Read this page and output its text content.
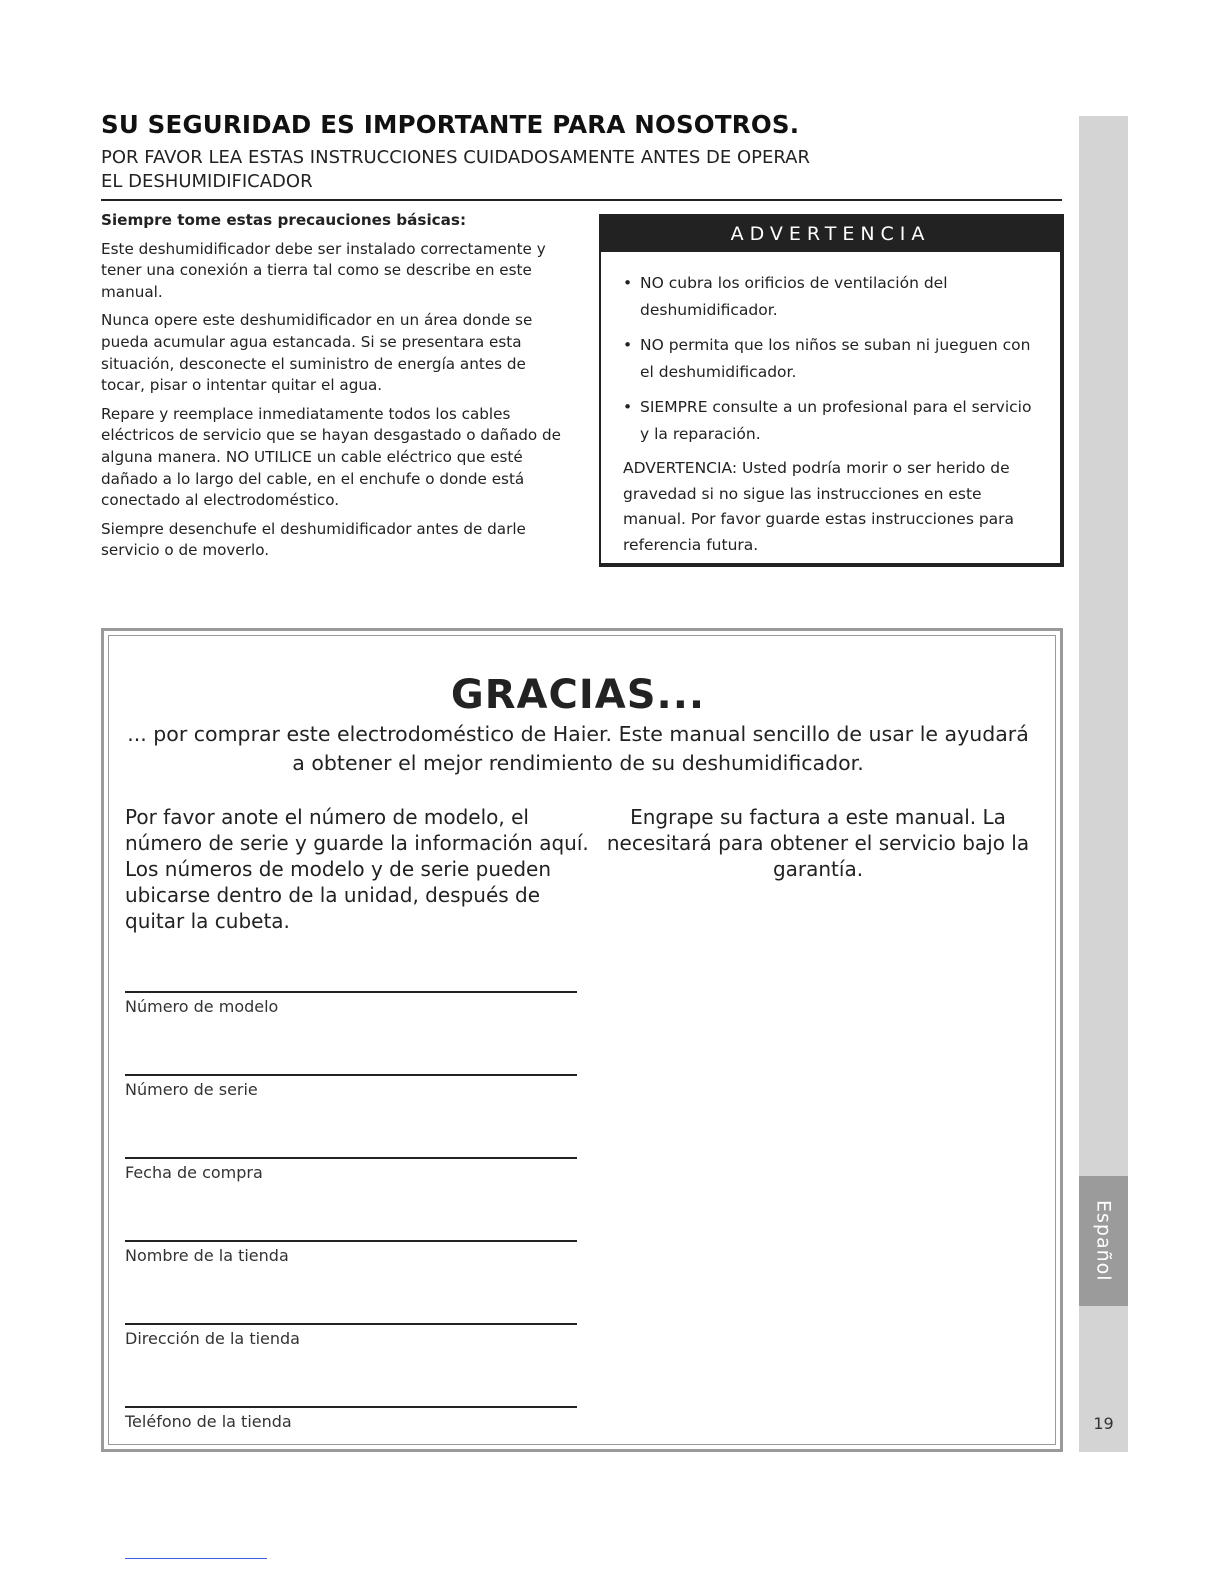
Español
19
SU SEGURIDAD ES IMPORTANTE PARA NOSOTROS.
POR FAVOR LEA ESTAS INSTRUCCIONES CUIDADOSAMENTE ANTES DE OPERAR
EL DESHUMIDIFICADOR
Siempre tome estas precauciones básicas:

Este deshumidificador debe ser instalado correctamente y tener una conexión a tierra tal como se describe en este manual.

Nunca opere este deshumidificador en un área donde se pueda acumular agua estancada. Si se presentara esta situación, desconecte el suministro de energía antes de tocar, pisar o intentar quitar el agua.

Repare y reemplace inmediatamente todos los cables eléctricos de servicio que se hayan desgastado o dañado de alguna manera. NO UTILICE un cable eléctrico que esté dañado a lo largo del cable, en el enchufe o donde está conectado al electrodoméstico.

Siempre desenchufe el deshumidificador antes de darle servicio o de moverlo.

ADVERTENCIA
• NO cubra los orificios de ventilación del deshumidificador.
• NO permita que los niños se suban ni jueguen con el deshumidificador.
• SIEMPRE consulte a un profesional para el servicio y la reparación.
ADVERTENCIA: Usted podría morir o ser herido de gravedad si no sigue las instrucciones en este manual. Por favor guarde estas instrucciones para referencia futura.
GRACIAS...
... por comprar este electrodoméstico de Haier. Este manual sencillo de usar le ayudará a obtener el mejor rendimiento de su deshumidificador.
Por favor anote el número de modelo, el número de serie y guarde la información aquí. Los números de modelo y de serie pueden ubicarse dentro de la unidad, después de quitar la cubeta.
Engrape su factura a este manual. La necesitará para obtener el servicio bajo la garantía.
Número de modelo
Número de serie
Fecha de compra
Nombre de la tienda
Dirección de la tienda
Teléfono de la tienda
